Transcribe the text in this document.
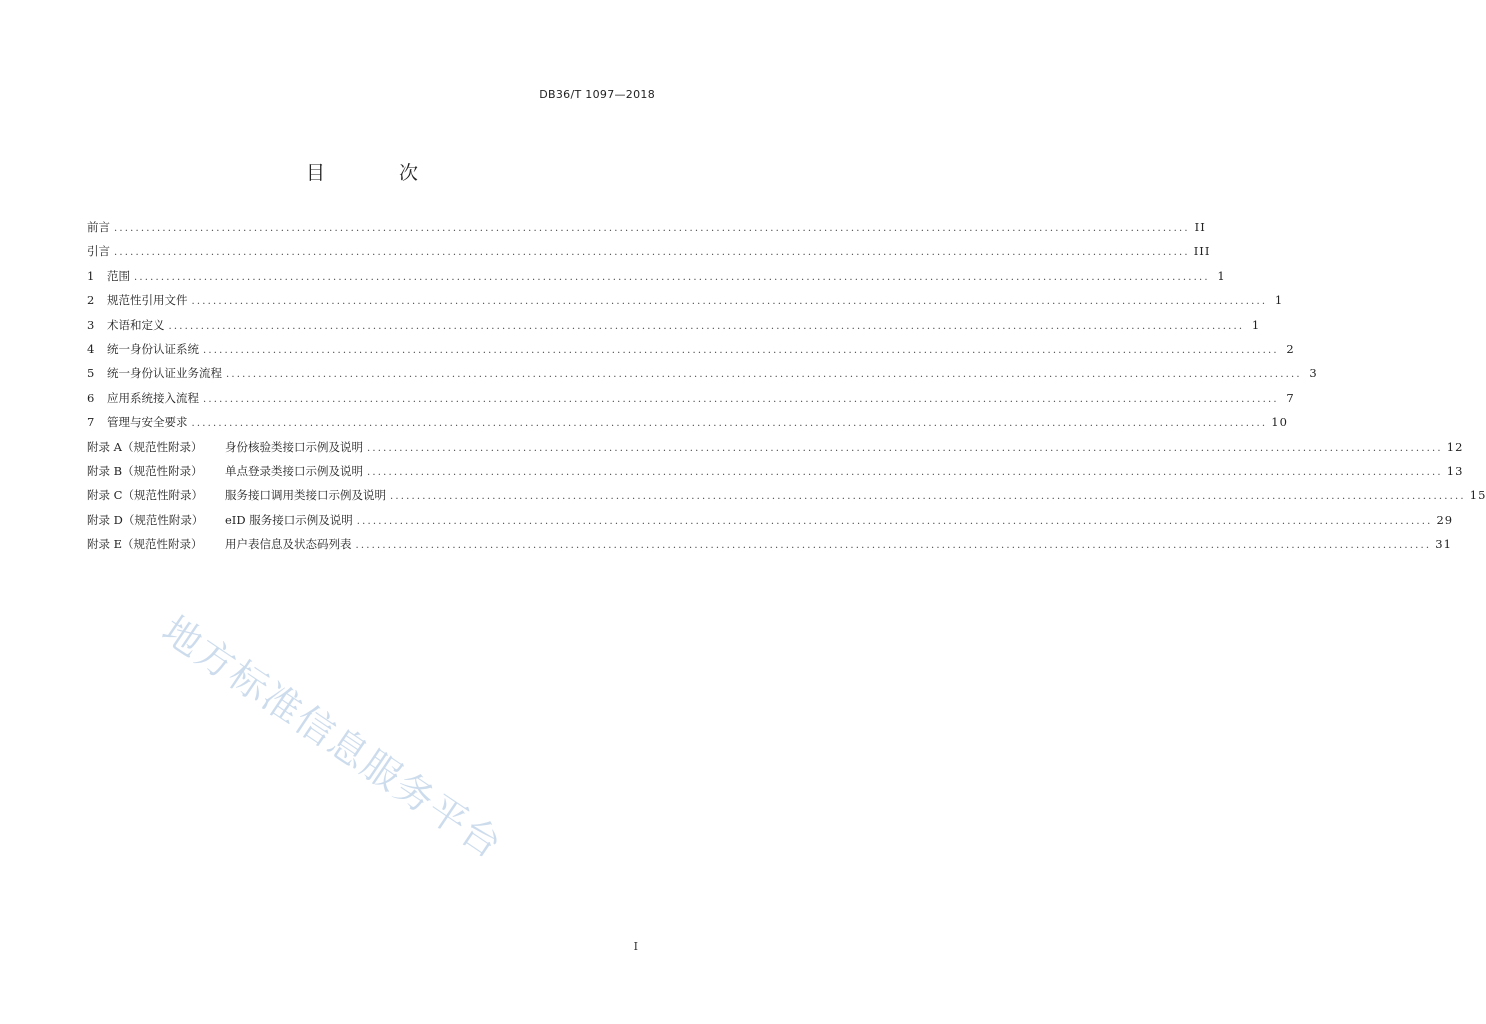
DB36/T 1097—2018
目 次
前言 ........................................................................................................................................................................................................ II
引言 ........................................................................................................................................................................................................ III
1	范围 ........................................................................................................................................................................................................ 1
2	规范性引用文件 ........................................................................................................................................................................................................ 1
3	术语和定义 ........................................................................................................................................................................................................ 1
4	统一身份认证系统 ........................................................................................................................................................................................................ 2
5	统一身份认证业务流程 ........................................................................................................................................................................................................ 3
6	应用系统接入流程 ........................................................................................................................................................................................................ 7
7	管理与安全要求 ........................................................................................................................................................................................................ 10
附录 A（规范性附录）	身份核验类接口示例及说明 ........................................................................................................................................................................................................ 12
附录 B（规范性附录）	单点登录类接口示例及说明 ........................................................................................................................................................................................................ 13
附录 C（规范性附录）	服务接口调用类接口示例及说明 ........................................................................................................................................................................................................ 15
附录 D（规范性附录）	eID 服务接口示例及说明 ........................................................................................................................................................................................................ 29
附录 E（规范性附录）	用户表信息及状态码列表 ........................................................................................................................................................................................................ 31
地方标准信息服务平台
I
